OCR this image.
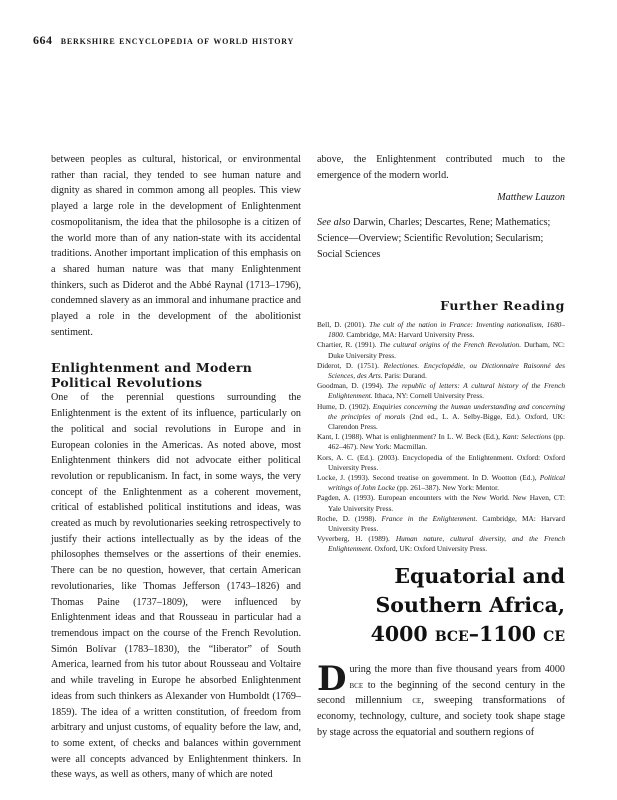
664 berkshire encyclopedia of world history

between peoples as cultural, historical, or environmental rather than racial, they tended to see human nature and dignity as shared in common among all peoples. This view played a large role in the development of Enlightenment cosmopolitanism, the idea that the philosophe is a citizen of the world more than of any nation-state with its accidental traditions. Another important implication of this emphasis on a shared human nature was that many Enlightenment thinkers, such as Diderot and the Abbé Raynal (1713–1796), condemned slavery as an immoral and inhumane practice and played a role in the development of the abolitionist sentiment.

Enlightenment and Modern Political Revolutions

One of the perennial questions surrounding the Enlightenment is the extent of its influence, particularly on the political and social revolutions in Europe and in European colonies in the Americas. As noted above, most Enlightenment thinkers did not advocate either political revolution or republicanism. In fact, in some ways, the very concept of the Enlightenment as a coherent movement, critical of established political institutions and ideas, was created as much by revolutionaries seeking retrospectively to justify their actions intellectually as by the ideas of the philosophes themselves or the assertions of their enemies. There can be no question, however, that certain American revolutionaries, like Thomas Jefferson (1743–1826) and Thomas Paine (1737–1809), were influenced by Enlightenment ideas and that Rousseau in particular had a tremendous impact on the course of the French Revolution. Simón Bolívar (1783–1830), the “liberator” of South America, learned from his tutor about Rousseau and Voltaire and while traveling in Europe he absorbed Enlightenment ideas from such thinkers as Alexander von Humboldt (1769–1859). The idea of a written constitution, of freedom from arbitrary and unjust customs, of equality before the law, and, to some extent, of checks and balances within government were all concepts advanced by Enlightenment thinkers. In these ways, as well as others, many of which are noted

above, the Enlightenment contributed much to the emergence of the modern world.

Matthew Lauzon

See also Darwin, Charles; Descartes, Rene; Mathematics; Science—Overview; Scientific Revolution; Secularism; Social Sciences

Further Reading
Bell, D. (2001). The cult of the nation in France: Inventing nationalism, 1680–1800. Cambridge, MA: Harvard University Press.
Chartier, R. (1991). The cultural origins of the French Revolution. Durham, NC: Duke University Press.
Diderot, D. (1751). Relectiones. Encyclopédie, ou Dictionnaire Raisonné des Sciences, des Arts. Paris: Durand.
Goodman, D. (1994). The republic of letters: A cultural history of the French Enlightenment. Ithaca, NY: Cornell University Press.
Hume, D. (1902). Enquiries concerning the human understanding and concerning the principles of morals (2nd ed., L. A. Selby-Bigge, Ed.). Oxford, UK: Clarendon Press.
Kant, I. (1988). What is enlightenment? In L. W. Beck (Ed.), Kant: Selections (pp. 462–467). New York: Macmillan.
Kors, A. C. (Ed.). (2003). Encyclopedia of the Enlightenment. Oxford: Oxford University Press.
Locke, J. (1993). Second treatise on government. In D. Wootton (Ed.), Political writings of John Locke (pp. 261–387). New York: Mentor.
Pagden, A. (1993). European encounters with the New World. New Haven, CT: Yale University Press.
Roche, D. (1998). France in the Enlightenment. Cambridge, MA: Harvard University Press.
Vyverberg, H. (1989). Human nature, cultural diversity, and the French Enlightenment. Oxford, UK: Oxford University Press.
Equatorial and
Southern Africa,
4000 bce–1100 ce
During the more than five thousand years from 4000 bce to the beginning of the second century in the second millennium ce, sweeping transformations of economy, technology, culture, and society took shape stage by stage across the equatorial and southern regions of
